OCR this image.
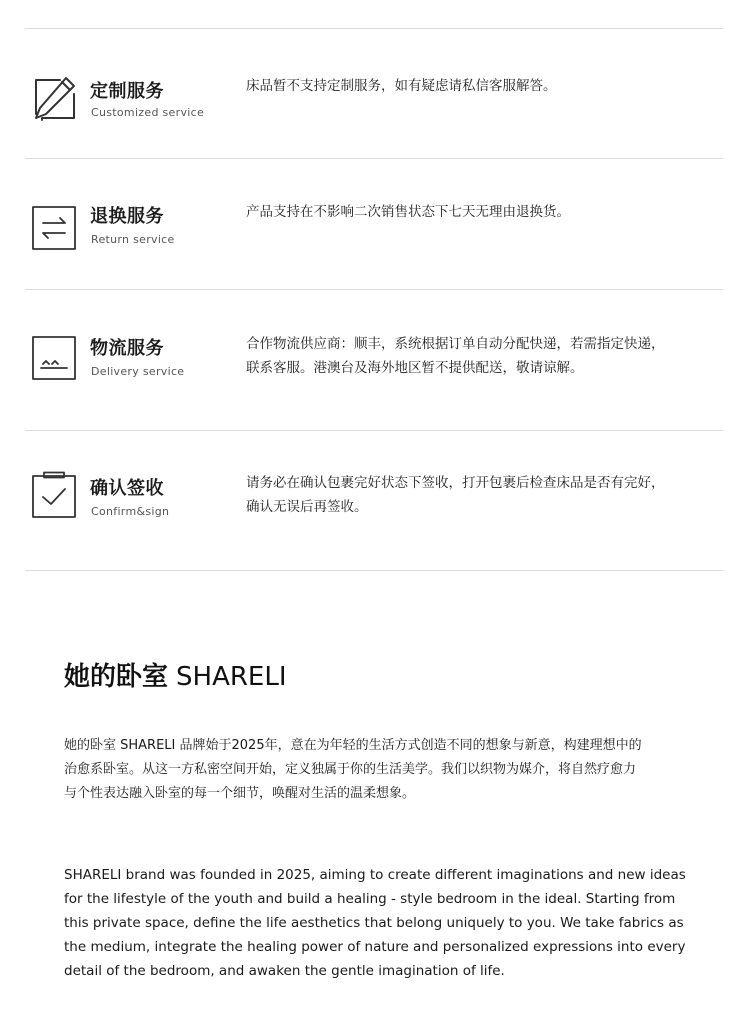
定制服务
Customized service
床品暂不支持定制服务，如有疑虑请私信客服解答。
退换服务
Return service
产品支持在不影响二次销售状态下七天无理由退换货。
物流服务
Delivery service
合作物流供应商：顺丰，系统根据订单自动分配快递，若需指定快递，
联系客服。港澳台及海外地区暂不提供配送，敬请谅解。
确认签收
Confirm&sign
请务必在确认包裹完好状态下签收，打开包裹后检查床品是否有完好，
确认无误后再签收。
她的卧室 SHARELI

她的卧室 SHARELI 品牌始于2025年，意在为年轻的生活方式创造不同的想象与新意，构建理想中的
治愈系卧室。从这一方私密空间开始，定义独属于你的生活美学。我们以织物为媒介，将自然疗愈力
与个性表达融入卧室的每一个细节，唤醒对生活的温柔想象。

SHARELI brand was founded in 2025, aiming to create different imaginations and new ideas
for the lifestyle of the youth and build a healing - style bedroom in the ideal. Starting from
this private space, define the life aesthetics that belong uniquely to you. We take fabrics as
the medium, integrate the healing power of nature and personalized expressions into every
detail of the bedroom, and awaken the gentle imagination of life.
